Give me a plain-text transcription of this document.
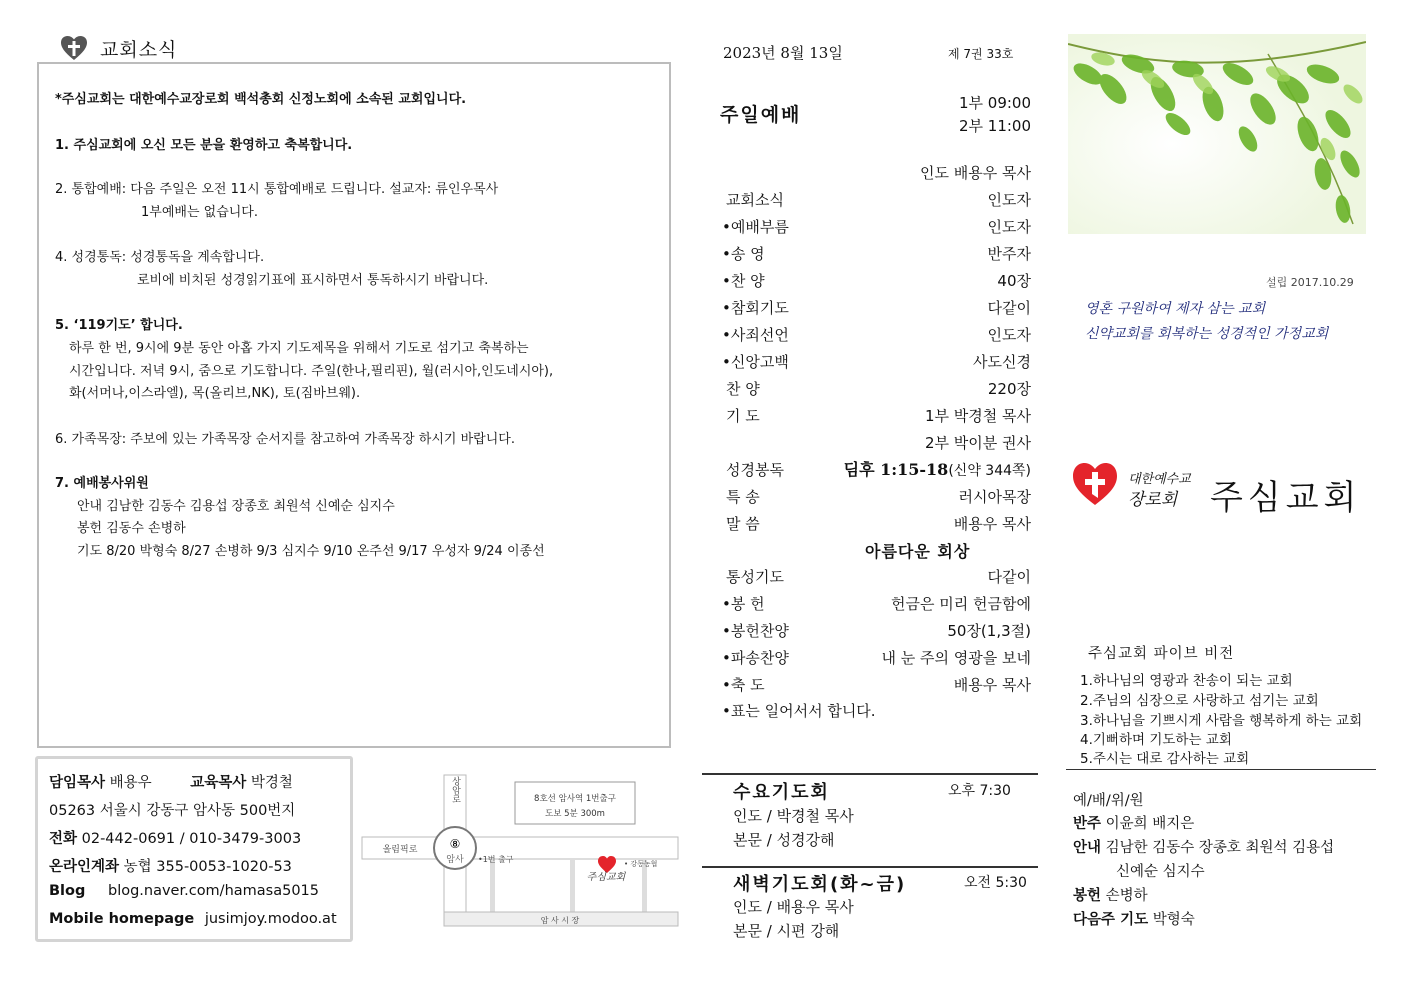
교회소식
*주심교회는 대한예수교장로회 백석총회 신정노회에 소속된 교회입니다.
1. 주심교회에 오신 모든 분을 환영하고 축복합니다.
2. 통합예배: 다음 주일은 오전 11시 통합예배로 드립니다. 설교자: 류인우목사
1부예배는 없습니다.
4. 성경통독: 성경통독을 계속합니다.
로비에 비치된 성경읽기표에 표시하면서 통독하시기 바랍니다.
5. ‘119기도’ 합니다.
하루 한 번, 9시에 9분 동안 아홉 가지 기도제목을 위해서 기도로 섬기고 축복하는
시간입니다. 저녁 9시, 줌으로 기도합니다. 주일(한나,필리핀), 월(러시아,인도네시아),
화(서머나,이스라엘), 목(올리브,NK), 토(짐바브웨).
6. 가족목장: 주보에 있는 가족목장 순서지를 참고하여 가족목장 하시기 바랍니다.
7. 예배봉사위원
안내 김남한 김동수 김용섭 장종호 최원석 신예순 심지수
봉헌 김동수 손병하
기도 8/20 박형숙 8/27 손병하 9/3 심지수 9/10 온주선 9/17 우성자 9/24 이종선
담임목사 배용우	교육목사 박경철
05263 서울시 강동구 암사동 500번지
전화 02-442-0691 / 010-3479-3003
온라인계좌 농협 355-0053-1020-53
Blog blog.naver.com/hamasa5015
Mobile homepage jusimjoy.modoo.at
⑧
암사
상암로
올림픽로
•1번 출구
8호선 암사역 1번출구
도보 5분 300m
주심교회
• 강동농협
암 사 시 장
2023년 8월 13일	제 7권 33호
주일예배
1부 09:00
2부 11:00
인도 배용우 목사
교회소식	인도자
•예배부름	인도자
•송 영	반주자
•찬 양	40장
•참회기도	다같이
•사죄선언	인도자
•신앙고백	사도신경
찬 양	220장
기 도	1부 박경철 목사
2부 박이분 권사
성경봉독	딤후 1:15-18(신약 344쪽)
특 송	러시아목장
말 씀	배용우 목사
아름다운 회상
통성기도	다같이
•봉 헌	헌금은 미리 헌금함에
•봉헌찬양	50장(1,3절)
•파송찬양	내 눈 주의 영광을 보네
•축 도	배용우 목사
•표는 일어서서 합니다.
수요기도회	오후 7:30
인도 / 박경철 목사
본문 / 성경강해
새벽기도회(화~금)	오전 5:30
인도 / 배용우 목사
본문 / 시편 강해
설립 2017.10.29
영혼 구원하여 제자 삼는 교회
신약교회를 회복하는 성경적인 가정교회
대한예수교
장로회 주심교회
주심교회 파이브 비전
1.하나님의 영광과 찬송이 되는 교회
2.주님의 심장으로 사랑하고 섬기는 교회
3.하나님을 기쁘시게 사람을 행복하게 하는 교회
4.기뻐하며 기도하는 교회
5.주시는 대로 감사하는 교회
예/배/위/원
반주 이윤희 배지은
안내 김남한 김동수 장종호 최원석 김용섭
신예순 심지수
봉헌 손병하
다음주 기도 박형숙
